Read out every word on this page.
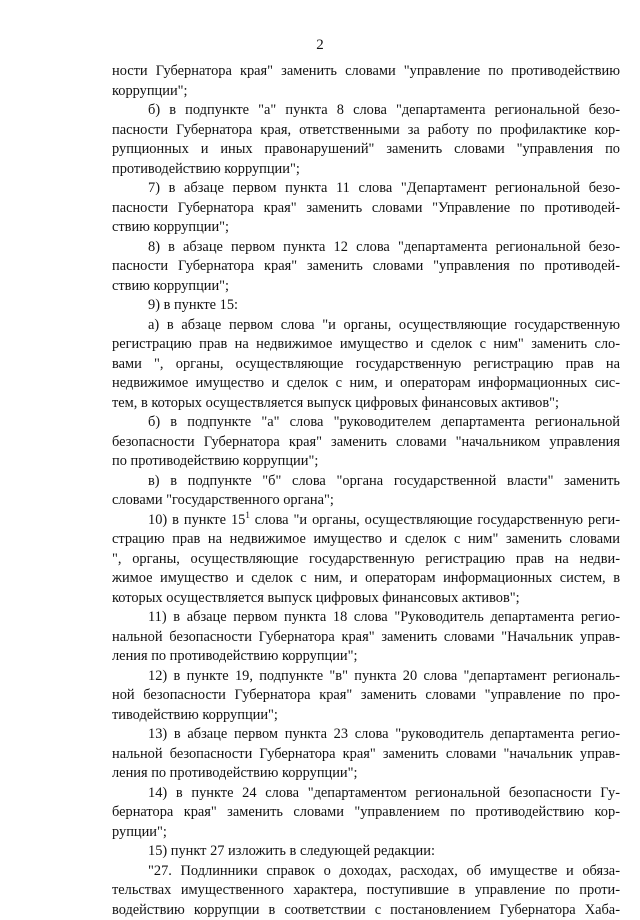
2
ности Губернатора края" заменить словами "управление по противодействию
коррупции";
б) в подпункте "а" пункта 8 слова "департамента региональной безо-
пасности Губернатора края, ответственными за работу по профилактике кор-
рупционных и иных правонарушений" заменить словами "управления по
противодействию коррупции";
7) в абзаце первом пункта 11 слова "Департамент региональной безо-
пасности Губернатора края" заменить словами "Управление по противодей-
ствию коррупции";
8) в абзаце первом пункта 12 слова "департамента региональной безо-
пасности Губернатора края" заменить словами "управления по противодей-
ствию коррупции";
9) в пункте 15:
а) в абзаце первом слова "и органы, осуществляющие государственную
регистрацию прав на недвижимое имущество и сделок с ним" заменить сло-
вами ", органы, осуществляющие государственную регистрацию прав на
недвижимое имущество и сделок с ним, и операторам информационных сис-
тем, в которых осуществляется выпуск цифровых финансовых активов";
б) в подпункте "а" слова "руководителем департамента региональной
безопасности Губернатора края" заменить словами "начальником управления
по противодействию коррупции";
в) в подпункте "б" слова "органа государственной власти" заменить
словами "государственного органа";
10) в пункте $15^1$ слова "и органы, осуществляющие государственную реги-
страцию прав на недвижимое имущество и сделок с ним" заменить словами
", органы, осуществляющие государственную регистрацию прав на недви-
жимое имущество и сделок с ним, и операторам информационных систем, в
которых осуществляется выпуск цифровых финансовых активов";
11) в абзаце первом пункта 18 слова "Руководитель департамента регио-
нальной безопасности Губернатора края" заменить словами "Начальник управ-
ления по противодействию коррупции";
12) в пункте 19, подпункте "в" пункта 20 слова "департамент региональ-
ной безопасности Губернатора края" заменить словами "управление по про-
тиводействию коррупции";
13) в абзаце первом пункта 23 слова "руководитель департамента регио-
нальной безопасности Губернатора края" заменить словами "начальник управ-
ления по противодействию коррупции";
14) в пункте 24 слова "департаментом региональной безопасности Гу-
бернатора края" заменить словами "управлением по противодействию кор-
рупции";
15) пункт 27 изложить в следующей редакции:
"27. Подлинники справок о доходах, расходах, об имуществе и обяза-
тельствах имущественного характера, поступившие в управление по проти-
водействию коррупции в соответствии с постановлением Губернатора Хаба-
